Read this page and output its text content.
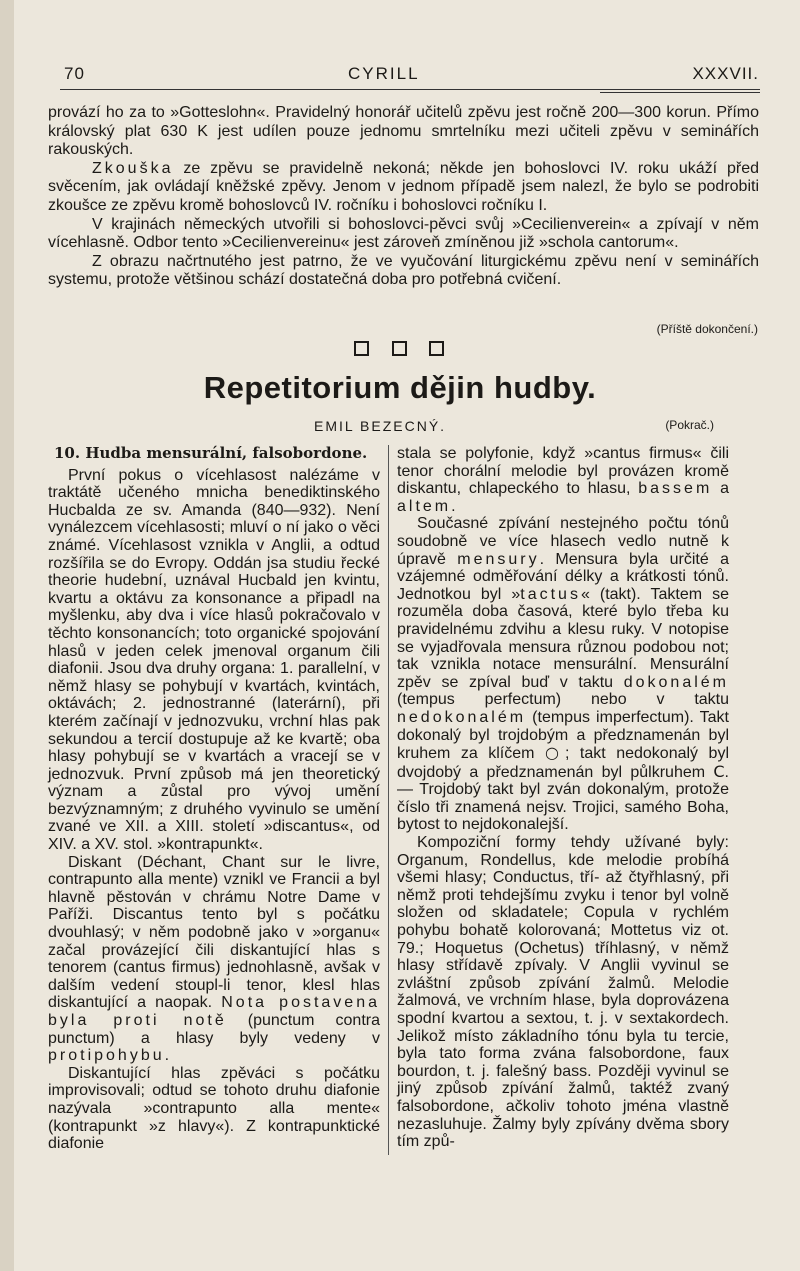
70	CYRILL	XXXVII.

provází ho za to »Gotteslohn«. Pravidelný honorář učitelů zpěvu jest ročně 200—300 korun. Přímo královský plat 630 K jest udílen pouze jednomu smrtelníku mezi učiteli zpěvu v seminářích rakouských.

Zkouška ze zpěvu se pravidelně nekoná; někde jen bohoslovci IV. roku ukáží před svěcením, jak ovládají kněžské zpěvy. Jenom v jednom případě jsem nalezl, že bylo se podrobiti zkoušce ze zpěvu kromě bohoslovců IV. ročníku i bohoslovci ročníku I.

V krajinách německých utvořili si bohoslovci-pěvci svůj »Cecilienverein« a zpívají v něm vícehlasně. Odbor tento »Cecilienvereinu« jest zároveň zmíněnou již »schola cantorum«.

Z obrazu načrtnutého jest patrno, že ve vyučování liturgickému zpěvu není v seminářích systemu, protože většinou schází dostatečná doba pro potřebná cvičení.

(Příště dokončení.)
Repetitorium dějin hudby.
EMIL BEZECNÝ.	(Pokrač.)
10. Hudba mensurální, falsobordone.

První pokus o vícehlasost nalézáme v traktátě učeného mnicha benediktinského Hucbalda ze sv. Amanda (840—932). Není vynálezcem vícehlasosti; mluví o ní jako o věci známé. Vícehlasost vznikla v Anglii, a odtud rozšířila se do Evropy. Oddán jsa studiu řecké theorie hudební, uznával Hucbald jen kvintu, kvartu a oktávu za konsonance a připadl na myšlenku, aby dva i více hlasů pokračovalo v těchto konsonancích; toto organické spojování hlasů v jeden celek jmenoval organum čili diafonii. Jsou dva druhy organa: 1. parallelní, v němž hlasy se pohybují v kvartách, kvintách, oktávách; 2. jednostranné (laterární), při kterém začínají v jednozvuku, vrchní hlas pak sekundou a tercií dostupuje až ke kvartě; oba hlasy pohybují se v kvartách a vracejí se v jednozvuk. První způsob má jen theoretický význam a zůstal pro vývoj umění bezvýznamným; z druhého vyvinulo se umění zvané ve XII. a XIII. století »discantus«, od XIV. a XV. stol. »kontrapunkt«.

Diskant (Déchant, Chant sur le livre, contrapunto alla mente) vznikl ve Francii a byl hlavně pěstován v chrámu Notre Dame v Paříži. Discantus tento byl s počátku dvouhlasý; v něm podobně jako v »organu« začal provázející čili diskantující hlas s tenorem (cantus firmus) jednohlasně, avšak v dalším vedení stoupl-li tenor, klesl hlas diskantující a naopak. Nota postavena byla proti notě (punctum contra punctum) a hlasy byly vedeny v protipohybu.

Diskantující hlas zpěváci s počátku improvisovali; odtud se tohoto druhu diafonie nazývala »contrapunto alla mente« (kontrapunkt »z hlavy«). Z kontrapunktické diafonie

stala se polyfonie, když »cantus firmus« čili tenor chorální melodie byl provázen kromě diskantu, chlapeckého to hlasu, bassem a altem.

Současné zpívání nestejného počtu tónů soudobně ve více hlasech vedlo nutně k úpravě mensury. Mensura byla určité a vzájemné odměřování délky a krátkosti tónů. Jednotkou byl »tactus« (takt). Taktem se rozuměla doba časová, které bylo třeba ku pravidelnému zdvihu a klesu ruky. V notopise se vyjadřovala mensura různou podobou not; tak vznikla notace mensurální. Mensurální zpěv se zpíval buď v taktu dokonalém (tempus perfectum) nebo v taktu nedokonalém (tempus imperfectum). Takt dokonalý byl trojdobým a předznamenán byl kruhem za klíčem ○; takt nedokonalý byl dvojdobý a předznamenán byl půlkruhem C. — Trojdobý takt byl zván dokonalým, protože číslo tři znamená nejsv. Trojici, samého Boha, bytost to nejdokonalejší.

Kompoziční formy tehdy užívané byly: Organum, Rondellus, kde melodie probíhá všemi hlasy; Conductus, tří- až čtyřhlasný, při němž proti tehdejšímu zvyku i tenor byl volně složen od skladatele; Copula v rychlém pohybu bohatě kolorovaná; Mottetus viz ot. 79.; Hoquetus (Ochetus) tříhlasný, v němž hlasy střídavě zpívaly. V Anglii vyvinul se zvláštní způsob zpívání žalmů. Melodie žalmová, ve vrchním hlase, byla doprovázena spodní kvartou a sextou, t. j. v sextakordech. Jelikož místo základního tónu byla tu tercie, byla tato forma zvána falsobordone, faux bourdon, t. j. falešný bass. Později vyvinul se jiný způsob zpívání žalmů, taktéž zvaný falsobordone, ačkoliv tohoto jména vlastně nezasluhuje. Žalmy byly zpívány dvěma sbory tím způ-
